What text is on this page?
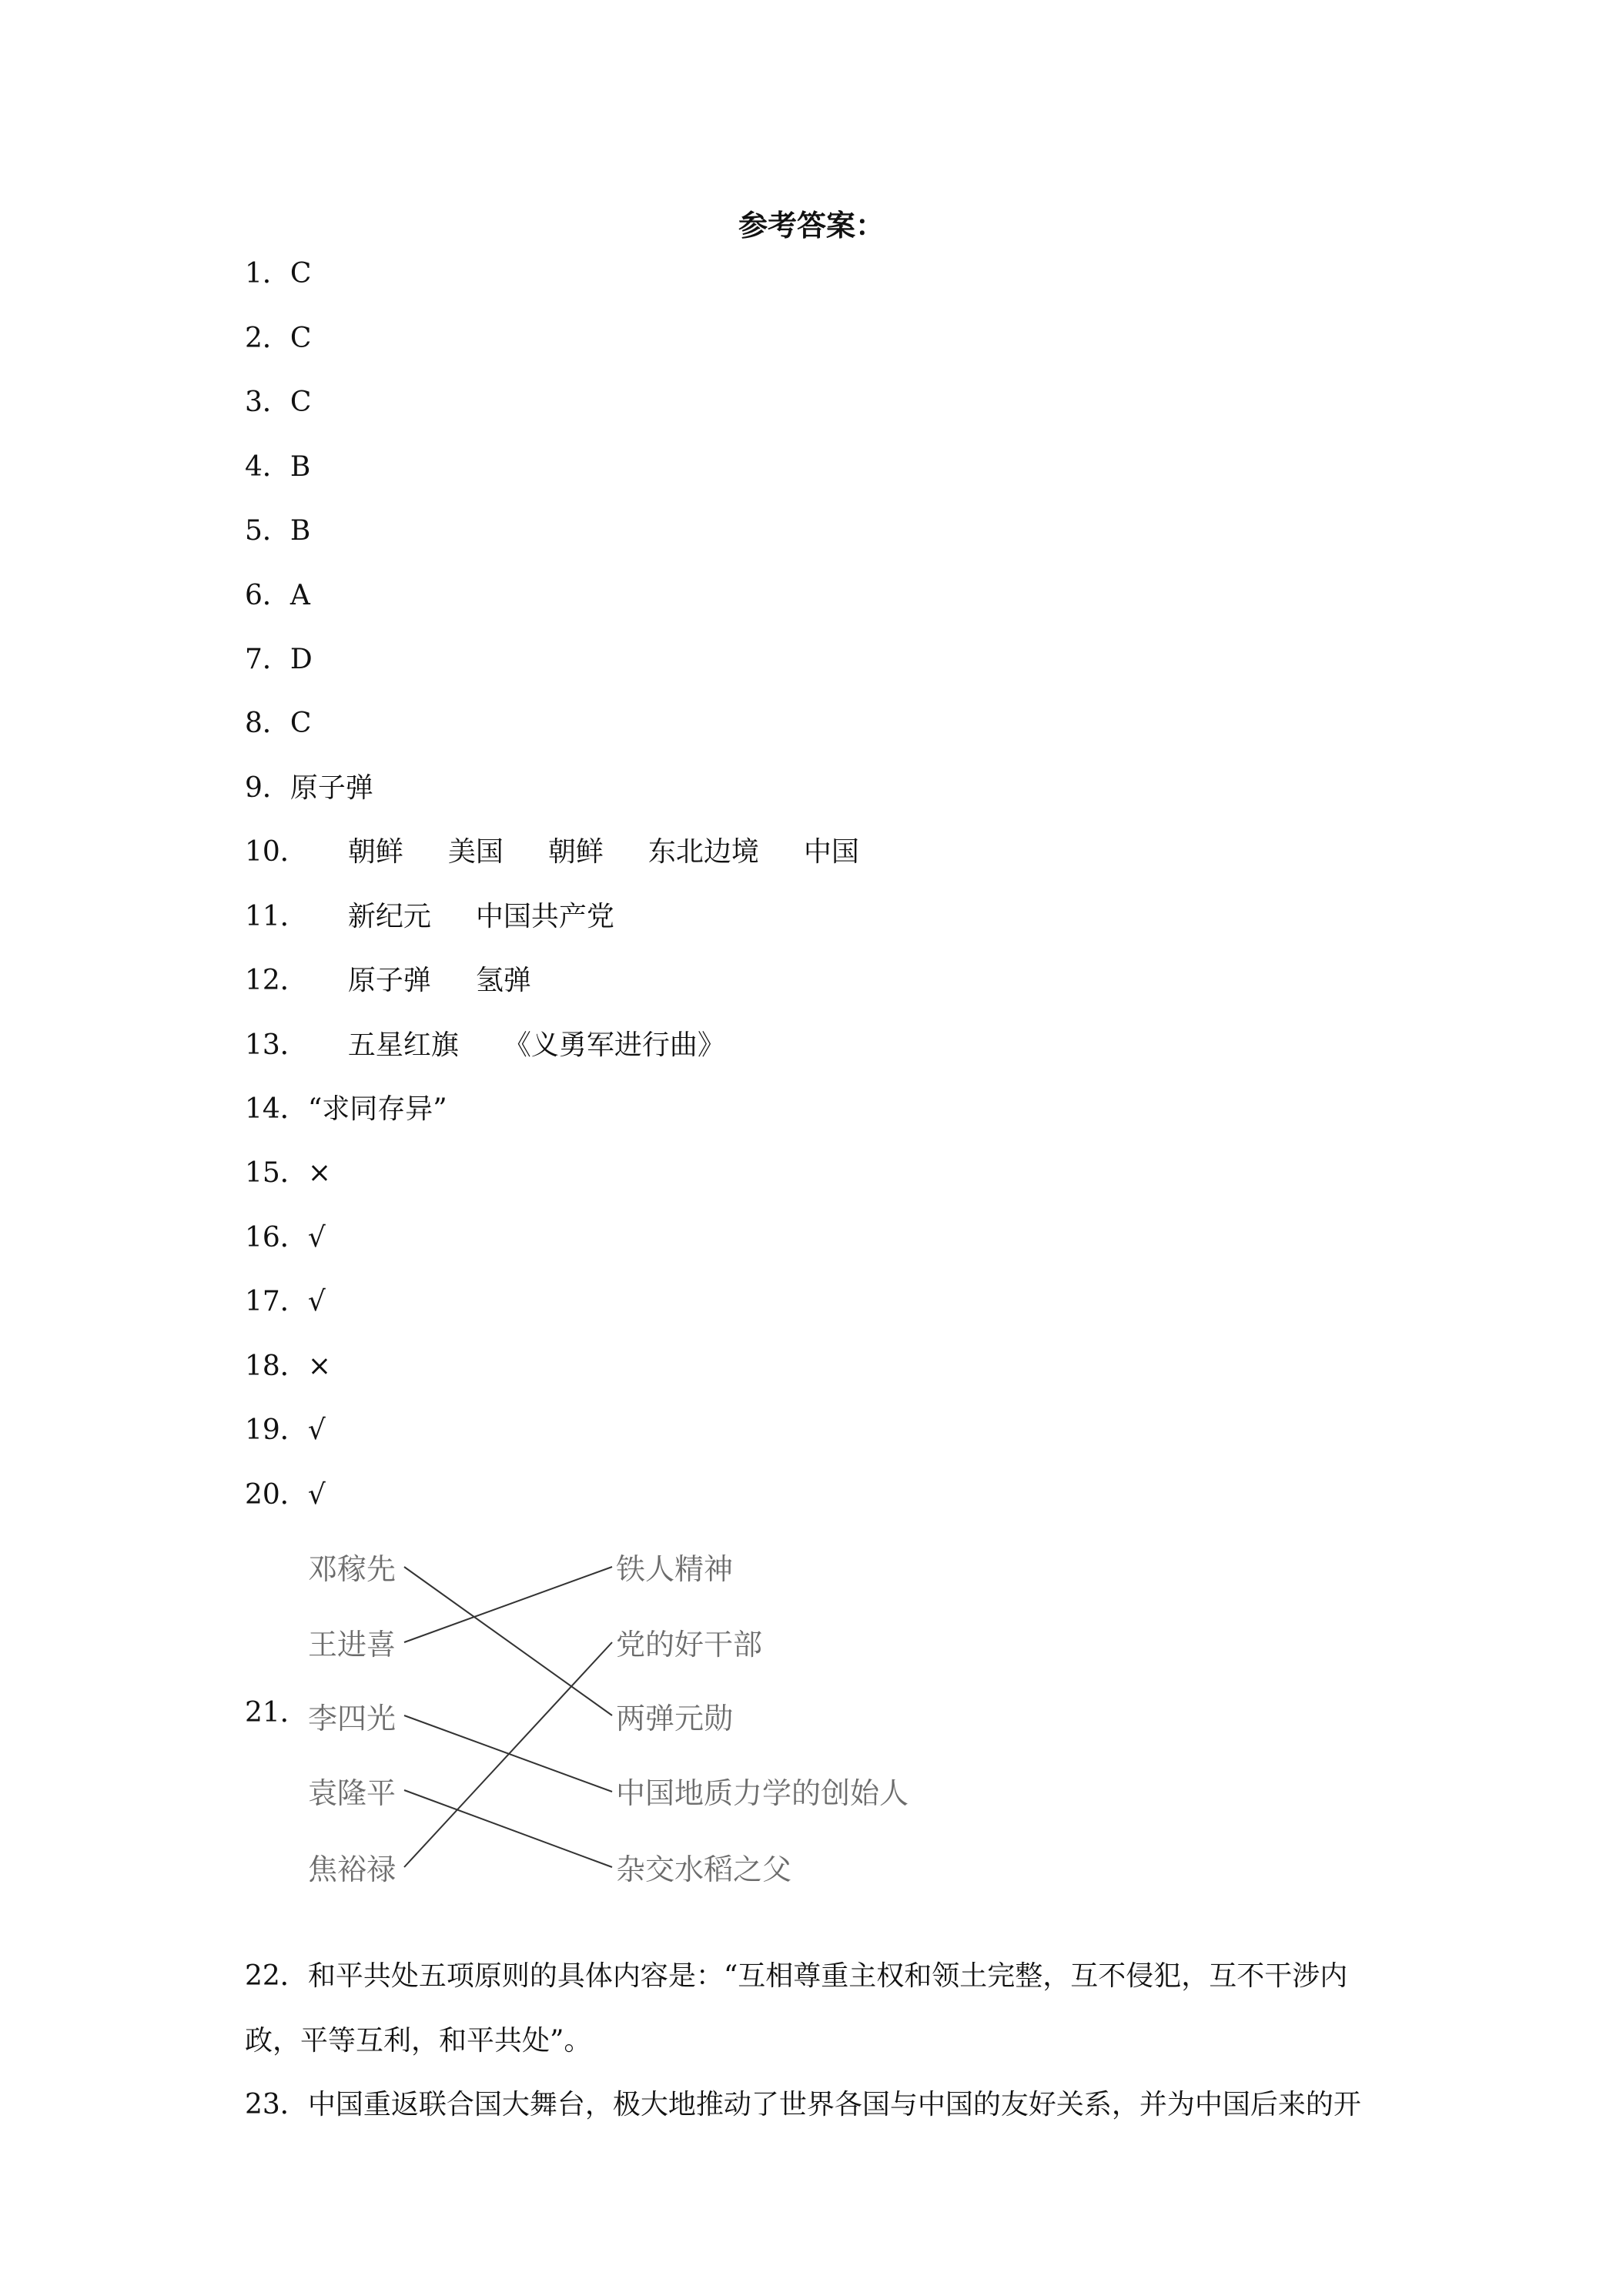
参考答案：
1．C
2．C
3．C
4．B
5．B
6．A
7．D
8．C
9．原子弹
10． 朝鲜 美国 朝鲜 东北边境 中国
11． 新纪元 中国共产党
12． 原子弹 氢弹
13． 五星红旗 《义勇军进行曲》
14．“求同存异”
15．×
16．√
17．√
18．×
19．√
20．√
21．
邓稼先
王进喜
李四光
袁隆平
焦裕禄
铁人精神
党的好干部
两弹元勋
中国地质力学的创始人
杂交水稻之父
22．和平共处五项原则的具体内容是：“互相尊重主权和领土完整，互不侵犯，互不干涉内政，平等互利，和平共处”。
23．中国重返联合国大舞台，极大地推动了世界各国与中国的友好关系，并为中国后来的开
